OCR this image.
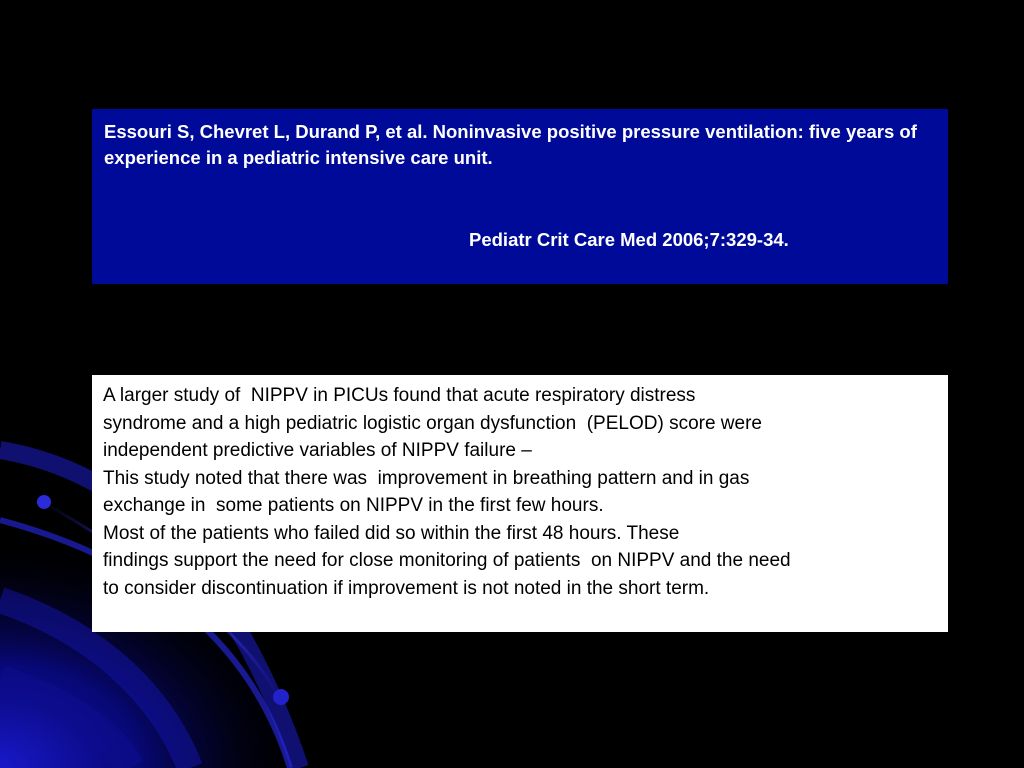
Essouri S, Chevret L, Durand P, et al. Noninvasive positive pressure ventilation: five years of experience in a pediatric intensive care unit.

Pediatr Crit Care Med 2006;7:329-34.

A larger study of  NIPPV in PICUs found that acute respiratory distress
syndrome and a high pediatric logistic organ dysfunction  (PELOD) score were
independent predictive variables of NIPPV failure –
This study noted that there was  improvement in breathing pattern and in gas
exchange in  some patients on NIPPV in the first few hours.
Most of the patients who failed did so within the first 48 hours. These
findings support the need for close monitoring of patients  on NIPPV and the need
to consider discontinuation if improvement is not noted in the short term.
